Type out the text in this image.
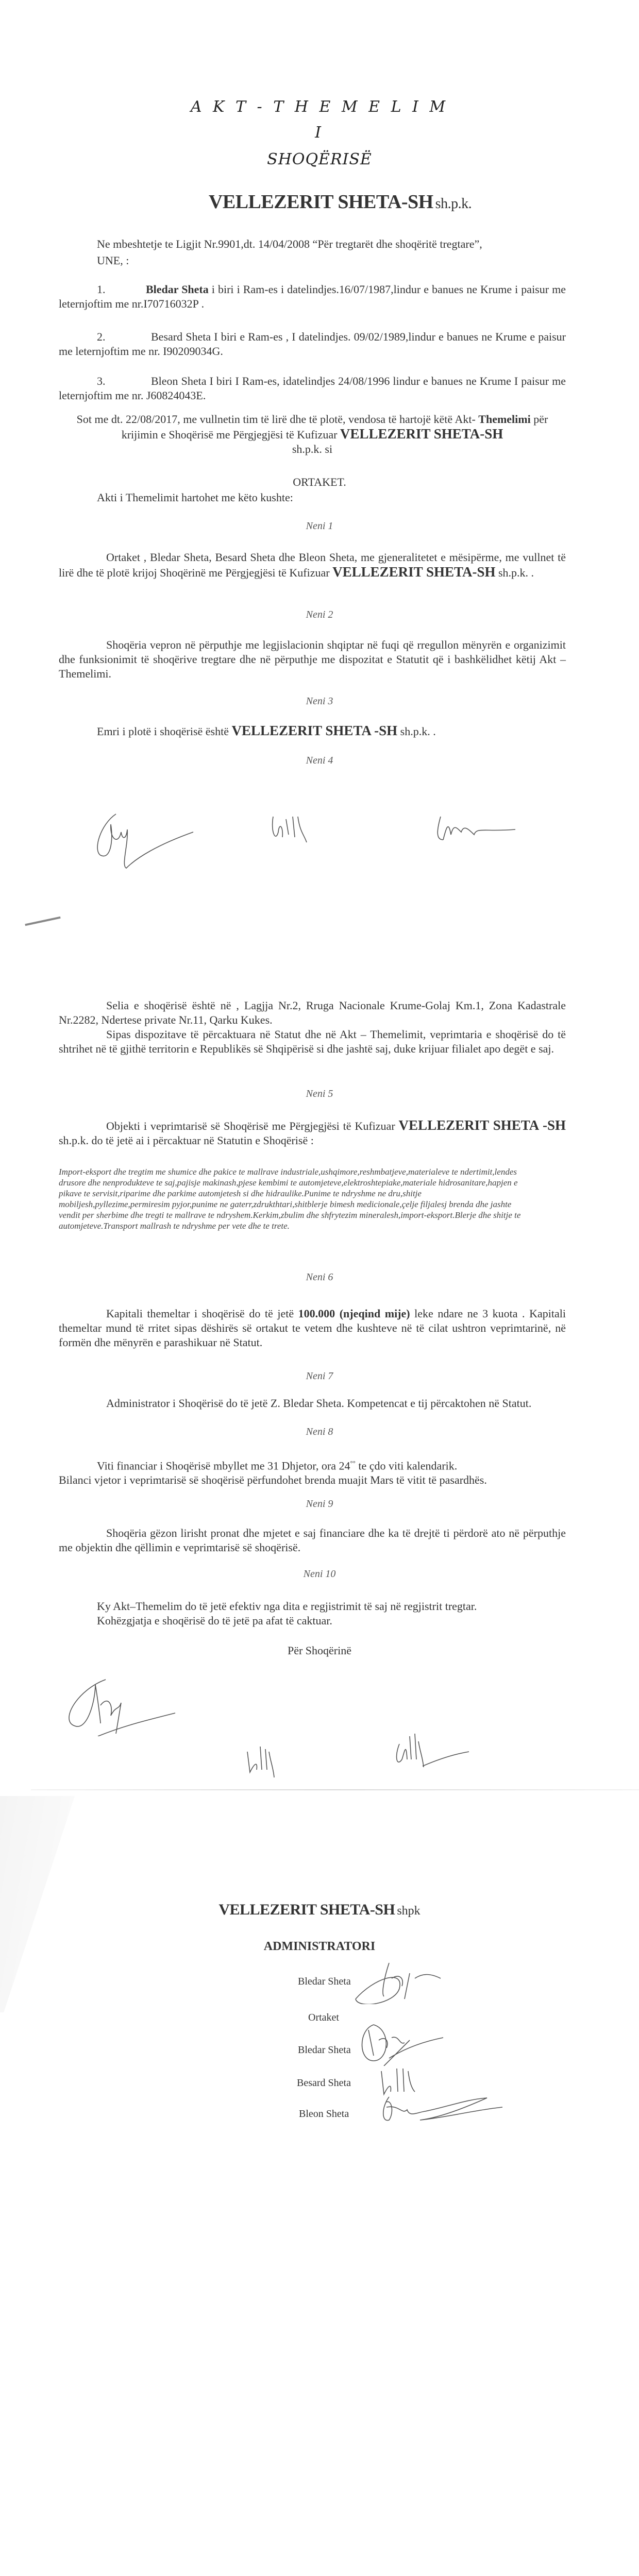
A K T - T H E M E L I M
I
SHOQËRISË
VELLEZERIT SHETA-SH sh.p.k.
Ne mbeshtetje te Ligjit Nr.9901,dt. 14/04/2008 “Për tregtarët dhe shoqëritë tregtare”,
UNE, :
1.	Bledar Sheta i biri i Ram-es i datelindjes.16/07/1987,lindur e banues ne Krume i paisur me leternjoftim me nr.I70716032P .
2.	Besard Sheta I biri e Ram-es , I datelindjes. 09/02/1989,lindur e banues ne Krume e paisur me leternjoftim me nr. I90209034G.
3.	Bleon Sheta I biri I Ram-es, idatelindjes 24/08/1996 lindur e banues ne Krume I paisur me leternjoftim me nr. J60824043E.
Sot me dt. 22/08/2017, me vullnetin tim të lirë dhe të plotë, vendosa të hartojë këtë Akt- Themelimi për krijimin e Shoqërisë me Përgjegjësi të Kufizuar VELLEZERIT SHETA-SH
sh.p.k. si
ORTAKET.
Akti i Themelimit hartohet me këto kushte:
Neni 1
Ortaket , Bledar Sheta, Besard Sheta dhe Bleon Sheta, me gjeneralitetet e mësipërme, me vullnet të lirë dhe të plotë krijoj Shoqërinë me Përgjegjësi të Kufizuar VELLEZERIT SHETA-SH sh.p.k. .
Neni 2
Shoqëria vepron në përputhje me legjislacionin shqiptar në fuqi që rregullon mënyrën e organizimit dhe funksionimit të shoqërive tregtare dhe në përputhje me dispozitat e Statutit që i bashkëlidhet këtij Akt – Themelimi.
Neni 3
Emri i plotë i shoqërisë është VELLEZERIT SHETA -SH sh.p.k. .
Neni 4
Selia e shoqërisë është në , Lagjja Nr.2, Rruga Nacionale Krume-Golaj Km.1, Zona Kadastrale Nr.2282, Ndertese private Nr.11, Qarku Kukes.
Sipas dispozitave të përcaktuara në Statut dhe në Akt – Themelimit, veprimtaria e shoqërisë do të shtrihet në të gjithë territorin e Republikës së Shqipërisë si dhe jashtë saj, duke krijuar filialet apo degët e saj.
Neni 5
Objekti i veprimtarisë së Shoqërisë me Përgjegjësi të Kufizuar VELLEZERIT SHETA -SH sh.p.k. do të jetë ai i përcaktuar në Statutin e Shoqërisë :
Import-eksport dhe tregtim me shumice dhe pakice te mallrave industriale,ushqimore,reshmbatjeve,materialeve te ndertimit,lendes drusore dhe nenprodukteve te saj,pajisje makinash,pjese kembimi te automjeteve,elektroshtepiake,materiale hidrosanitare,hapjen e pikave te servisit,riparime dhe parkime automjetesh si dhe hidraulike.Punime te ndryshme ne dru,shitje mobiljesh,pyllezime,permiresim pyjor,punime ne gaterr,zdrukthtari,shitblerje bimesh medicionale,çelje filjalesj brenda dhe jashte vendit per sherbime dhe tregti te mallrave te ndryshem.Kerkim,zbulim dhe shfrytezim mineralesh,import-eksport.Blerje dhe shitje te automjeteve.Transport mallrash te ndryshme per vete dhe te trete.
Neni 6
Kapitali themeltar i shoqërisë do të jetë 100.000 (njeqind mije) leke ndare ne 3 kuota . Kapitali themeltar mund të rritet sipas dëshirës së ortakut te vetem dhe kushteve në të cilat ushtron veprimtarinë, në formën dhe mënyrën e parashikuar në Statut.
Neni 7
Administrator i Shoqërisë do të jetë Z. Bledar Sheta. Kompetencat e tij përcaktohen në Statut.
Neni 8
Viti financiar i Shoqërisë mbyllet me 31 Dhjetor, ora 24°° te çdo viti kalendarik.
Bilanci vjetor i veprimtarisë së shoqërisë përfundohet brenda muajit Mars të vitit të pasardhës.
Neni 9
Shoqëria gëzon lirisht pronat dhe mjetet e saj financiare dhe ka të drejtë ti përdorë ato në përputhje me objektin dhe qëllimin e veprimtarisë së shoqërisë.
Neni 10
Ky Akt–Themelim do të jetë efektiv nga dita e regjistrimit të saj në regjistrit tregtar.
Kohëzgjatja e shoqërisë do të jetë pa afat të caktuar.
Për Shoqërinë
VELLEZERIT SHETA-SH shpk
ADMINISTRATORI
Bledar Sheta
Ortaket
Bledar Sheta
Besard Sheta
Bleon Sheta
